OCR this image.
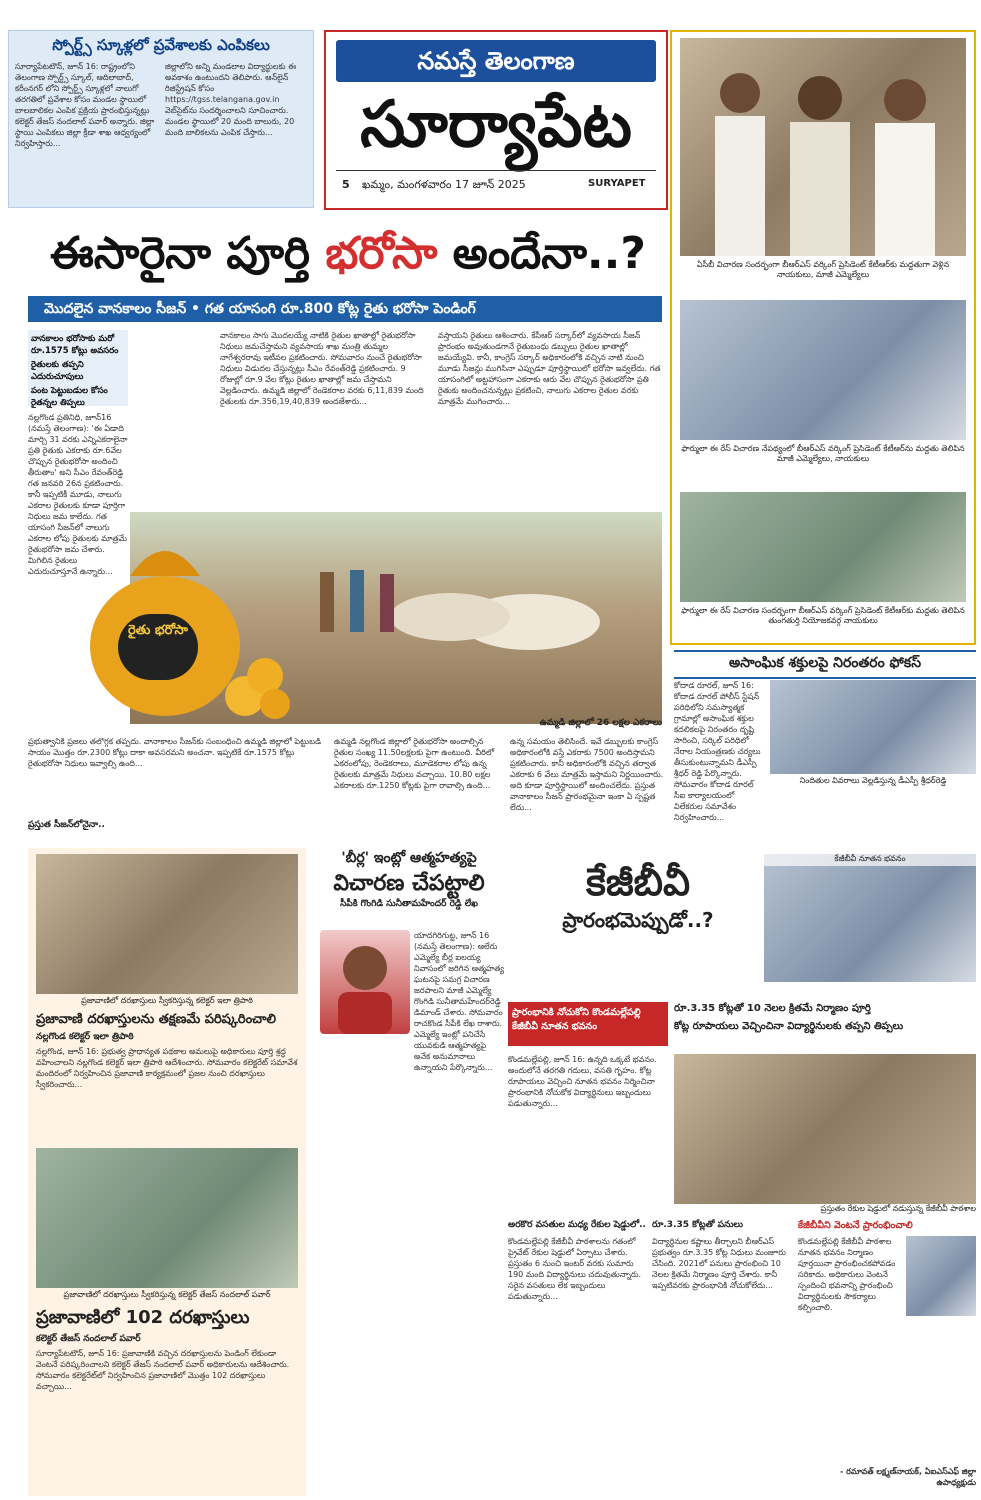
స్పోర్ట్స్ స్కూళ్లలో ప్రవేశాలకు ఎంపికలు
సూర్యాపేటటౌన్, జూన్ 16: రాష్ట్రంలోని తెలంగాణ స్పోర్ట్స్ స్కూల్, ఆదిలాబాద్, కరీంనగర్ లోని స్పోర్ట్స్ స్కూళ్లలో నాలుగో తరగతిలో ప్రవేశాల కోసం మండల స్థాయిలో బాలబాలికల ఎంపిక ప్రక్రియ ప్రారంభిస్తున్నట్లు కలెక్టర్ తేజస్ నందలాల్ పవార్ అన్నారు. జిల్లా స్థాయి ఎంపికలు జిల్లా క్రీడా శాఖ ఆధ్వర్యంలో నిర్వహిస్తారు...
జిల్లాలోని అన్ని మండలాల విద్యార్థులకు ఈ అవకాశం ఉంటుందని తెలిపారు. ఆన్‌లైన్ రిజిస్ట్రేషన్ కోసం https://tgss.telangana.gov.in వెబ్‌సైట్‌ను సందర్శించాలని సూచించారు. మండల స్థాయిలో 20 మంది బాలురు, 20 మంది బాలికలను ఎంపిక చేస్తారు...
నమస్తే తెలంగాణ
సూర్యాపేట
5 ఖమ్మం, మంగళవారం 17 జూన్ 2025	SURYAPET
ఏసీబీ విచారణ సందర్భంగా బీఆర్ఎస్ వర్కింగ్ ప్రెసిడెంట్ కేటీఆర్‌కు మద్దతుగా వెళ్లిన నాయకులు, మాజీ ఎమ్మెల్యేలు
ఫార్ములా ఈ రేస్ విచారణ నేపథ్యంలో బీఆర్ఎస్ వర్కింగ్ ప్రెసిడెంట్ కేటీఆర్‌ను మద్దతు తెలిపిన మాజీ ఎమ్మెల్యేలు, నాయకులు
ఫార్ములా ఈ రేస్ విచారణ సందర్భంగా బీఆర్ఎస్ వర్కింగ్ ప్రెసిడెంట్ కేటీఆర్‌కు మద్దతు తెలిపిన తుంగతుర్తి నియోజకవర్గ నాయకులు
ఈసారైనా పూర్తి భరోసా అందేనా..?
మొదలైన వానకాలం సీజన్ • గత యాసంగి రూ.800 కోట్ల రైతు భరోసా పెండింగ్
వానకాలం భరోసాకు మరో రూ.1575 కోట్లు అవసరం
రైతులకు తప్పని ఎదురుచూపులు
పంట పెట్టుబడుల కోసం రైతన్నల తిప్పలు
నల్లగొండ ప్రతినిధి, జూన్16 (నమస్తే తెలంగాణ): 'ఈ ఏడాది మార్చి 31 వరకు ఎన్నిఎకరాలైనా ప్రతి రైతుకు ఎకరాకు రూ.6వేల చొప్పున రైతుభరోసా అందించి తీరుతాం' అని సీఎం రేవంత్‌రెడ్డి గత జనవరి 26న ప్రకటించారు. కానీ ఇప్పటికీ మూడు, నాలుగు ఎకరాల రైతులకు కూడా పూర్తిగా నిధులు జమ కాలేదు. గత యాసంగి సీజన్‌లో నాలుగు ఎకరాల లోపు రైతులకు మాత్రమే రైతుభరోసా జమ చేశారు. మిగిలిన రైతులు ఎదురుచూస్తూనే ఉన్నారు...
వానకాలం సాగు మొదలయ్యే నాటికి రైతుల ఖాతాల్లో రైతుభరోసా నిధులు జమచేస్తామని వ్యవసాయ శాఖ మంత్రి తుమ్మల నాగేశ్వరరావు ఇటీవల ప్రకటించారు. సోమవారం నుంచే రైతుభరోసా నిధులు విడుదల చేస్తున్నట్లు సీఎం రేవంత్‌రెడ్డి ప్రకటించారు. 9 రోజుల్లో రూ.9 వేల కోట్లు రైతుల ఖాతాల్లో జమ చేస్తామని వెల్లడించారు. ఉమ్మడి జిల్లాలో రెండెకరాల వరకు 6,11,839 మంది రైతులకు రూ.356,19,40,839 అందజేశారు...
వస్తాయని రైతులు ఆశించారు. కేసీఆర్ సర్కార్‌లో వ్యవసాయ సీజన్ ప్రారంభం అవుతుండగానే రైతుబంధు డబ్బులు రైతుల ఖాతాల్లో జమయ్యేవి. కానీ, కాంగ్రెస్ సర్కార్ అధికారంలోకి వచ్చిన నాటి నుంచి మూడు సీజన్లు ముగిసినా ఎప్పుడూ పూర్తిస్థాయిలో భరోసా ఇవ్వలేదు. గత యాసంగిలో అట్టహాసంగా ఎకరాకు ఆరు వేల చొప్పున రైతుభరోసా ప్రతి రైతుకు అందించనున్నట్లు ప్రకటించి, నాలుగు ఎకరాల రైతుల వరకు మాత్రమే ముగించారు...
రైతు భరోసా
ఉమ్మడి జిల్లాలో 26 లక్షల ఎకరాలు
ప్రభుత్వానికి ప్రజలు తలొగ్గక తప్పదు. వానాకాలం సీజన్‌కు సంబంధించి ఉమ్మడి జిల్లాలో పెట్టుబడి సాయం మొత్తం రూ.2300 కోట్లు దాకా అవసరమని అంచనా. ఇప్పటికే రూ.1575 కోట్లు రైతుభరోసా నిధులు ఇవ్వాల్సి ఉంది...
ప్రస్తుత సీజన్‌లోనైనా..
ఉమ్మడి నల్లగొండ జిల్లాలో రైతుభరోసా అందాల్సిన రైతుల సంఖ్య 11.50లక్షలకు పైగా ఉంటుంది. వీరిలో ఎకరంలోపు, రెండెకరాలు, మూడెకరాల లోపు ఉన్న రైతులకు మాత్రమే నిధులు వచ్చాయి. 10.80 లక్షల ఎకరాలకు రూ.1250 కోట్లకు పైగా రావాల్సి ఉంది...
ఉన్న సమయం తెలిసిందే. ఇవే డబ్బులకు కాంగ్రెస్ అధికారంలోకి వస్తే ఎకరాకు 7500 అందిస్తామని ప్రకటించారు. కానీ అధికారంలోకి వచ్చిన తర్వాత ఎకరాకు 6 వేలు మాత్రమే ఇస్తామని నిర్ణయించారు. అది కూడా పూర్తిస్థాయిలో అందించలేదు. ప్రస్తుత వానాకాలం సీజన్ ప్రారంభమైనా ఇంకా ఏ స్పష్టత లేదు...
అసాంఘిక శక్తులపై నిరంతరం ఫోకస్
కోదాడ రూరల్, జూన్ 16: కోదాడ రూరల్ పోలీస్ స్టేషన్ పరిధిలోని సమస్యాత్మక గ్రామాల్లో అసాంఘిక శక్తుల కదలికలపై నిరంతరం దృష్టి సారించి, సర్కిల్ పరిధిలో నేరాల నియంత్రణకు చర్యలు తీసుకుంటున్నామని డీఎస్పీ శ్రీధర్ రెడ్డి పేర్కొన్నారు. సోమవారం కోదాడ రూరల్ సీఐ కార్యాలయంలో విలేకరుల సమావేశం నిర్వహించారు...
నిందితుల వివరాలు వెల్లడిస్తున్న డీఎస్పీ శ్రీధర్‌రెడ్డి
ప్రజావాణిలో దరఖాస్తులు స్వీకరిస్తున్న కలెక్టర్ ఇలా త్రిపాఠి
ప్రజావాణి దరఖాస్తులను తక్షణమే పరిష్కరించాలి
నల్లగొండ కలెక్టర్ ఇలా త్రిపాఠి
నల్లగొండ, జూన్ 16: ప్రభుత్వ ప్రాధాన్యత పథకాల అమలుపై అధికారులు పూర్తి శ్రద్ధ వహించాలని నల్లగొండ కలెక్టర్ ఇలా త్రిపాఠి ఆదేశించారు. సోమవారం కలెక్టరేట్ సమావేశ మందిరంలో నిర్వహించిన ప్రజావాణి కార్యక్రమంలో ప్రజల నుంచి దరఖాస్తులు స్వీకరించారు...
ప్రజావాణిలో దరఖాస్తులు స్వీకరిస్తున్న కలెక్టర్ తేజస్ నందలాల్ పవార్
ప్రజావాణిలో 102 దరఖాస్తులు
కలెక్టర్ తేజస్ నందలాల్ పవార్
సూర్యాపేటటౌన్, జూన్ 16: ప్రజావాణికి వచ్చిన దరఖాస్తులను పెండింగ్ లేకుండా వెంటనే పరిష్కరించాలని కలెక్టర్ తేజస్ నందలాల్ పవార్ అధికారులను ఆదేశించారు. సోమవారం కలెక్టరేట్‌లో నిర్వహించిన ప్రజావాణిలో మొత్తం 102 దరఖాస్తులు వచ్చాయి...
'బీర్ల' ఇంట్లో ఆత్మహత్యపై
విచారణ చేపట్టాలి
సీపీకి గొంగిడి సునీతామహేందర్ రెడ్డి లేఖ
యాదగిరిగుట్ట, జూన్ 16 (నమస్తే తెలంగాణ): ఆలేరు ఎమ్మెల్యే బీర్ల ఐలయ్య నివాసంలో జరిగిన ఆత్మహత్య ఘటనపై సమగ్ర విచారణ జరపాలని మాజీ ఎమ్మెల్యే గొంగిడి సునీతామహేందర్‌రెడ్డి డిమాండ్ చేశారు. సోమవారం రాచకొండ సీపీకి లేఖ రాశారు. ఎమ్మెల్యే ఇంట్లో పనిచేసే యువకుడి ఆత్మహత్యపై అనేక అనుమానాలు ఉన్నాయని పేర్కొన్నారు...
కేజీబీవీ
ప్రారంభమెప్పుడో..?
కేజీబీవీ నూతన భవనం
ప్రారంభానికి నోచుకోని కొండమల్లేపల్లి కేజీబీవీ నూతన భవనం
రూ.3.35 కోట్లతో 10 నెలల క్రితమే నిర్మాణం పూర్తి
కోట్ల రూపాయలు వెచ్చించినా విద్యార్థినులకు తప్పని తిప్పలు
కొండమల్లేపల్లి, జూన్ 16: ఉన్నది ఒక్కటే భవనం. అందులోనే తరగతి గదులు, వసతి గృహం. కోట్ల రూపాయలు వెచ్చించి నూతన భవనం నిర్మించినా ప్రారంభానికి నోచుకోక విద్యార్థినులు ఇబ్బందులు పడుతున్నారు...
ప్రస్తుతం రేకుల షెడ్డులో నడుస్తున్న కేజీబీవీ పాఠశాల
అరకొర వసతుల మధ్య రేకుల షెడ్డులో..
కొండమల్లేపల్లి కేజీబీవీ పాఠశాలను గతంలో ప్రైవేట్ రేకుల షెడ్డులో ఏర్పాటు చేశారు. ప్రస్తుతం 6 నుంచి ఇంటర్ వరకు సుమారు 190 మంది విద్యార్థినులు చదువుతున్నారు. సరైన వసతులు లేక ఇబ్బందులు పడుతున్నారు...
రూ.3.35 కోట్లతో పనులు
విద్యార్థినుల కష్టాలు తీర్చాలని బీఆర్ఎస్ ప్రభుత్వం రూ.3.35 కోట్ల నిధులు మంజూరు చేసింది. 2021లో పనులు ప్రారంభించి 10 నెలల క్రితమే నిర్మాణం పూర్తి చేశారు. కానీ ఇప్పటివరకు ప్రారంభానికి నోచుకోలేదు...
కేజీబీవీని వెంటనే ప్రారంభించాలి
కొండమల్లేపల్లి కేజీబీవీ పాఠశాల నూతన భవనం నిర్మాణం పూర్తయినా ప్రారంభించకపోవడం సరికాదు. అధికారులు వెంటనే స్పందించి భవనాన్ని ప్రారంభించి విద్యార్థినులకు సౌకర్యాలు కల్పించాలి.
- రమావత్ లక్ష్మణ్‌నాయక్, ఏఐఎస్ఎఫ్ జిల్లా ఉపాధ్యక్షుడు
